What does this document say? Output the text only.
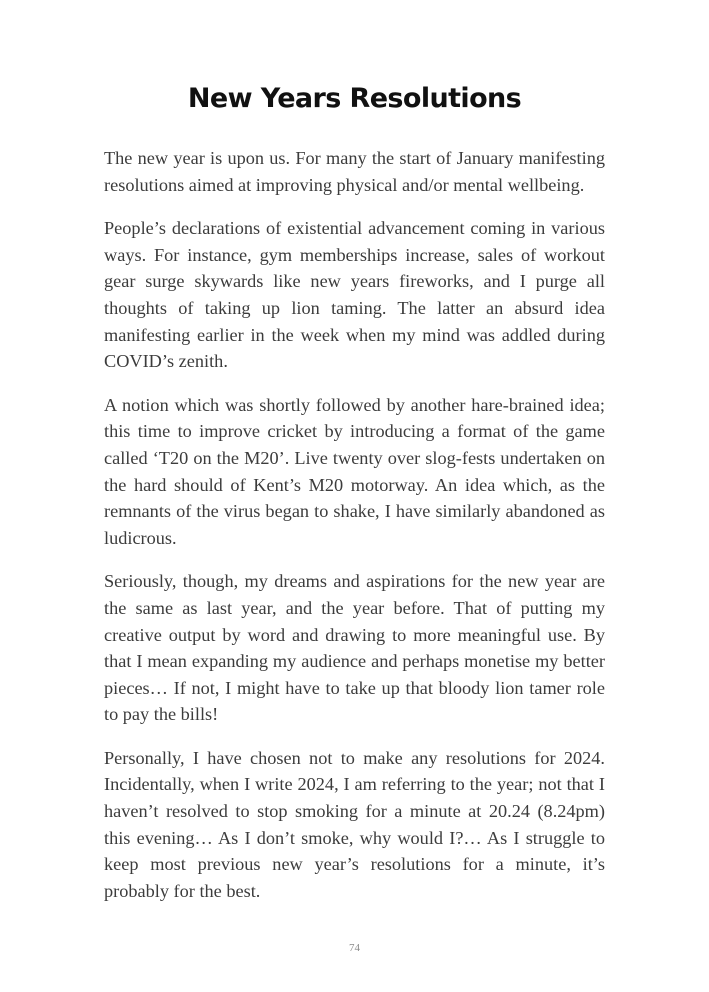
New Years Resolutions

The new year is upon us. For many the start of January manifesting resolutions aimed at improving physical and/or mental wellbeing.

People’s declarations of existential advancement coming in various ways. For instance, gym memberships increase, sales of workout gear surge skywards like new years fireworks, and I purge all thoughts of taking up lion taming. The latter an absurd idea manifesting earlier in the week when my mind was addled during COVID’s zenith.

A notion which was shortly followed by another hare-brained idea; this time to improve cricket by introducing a format of the game called ‘T20 on the M20’. Live twenty over slog-fests undertaken on the hard should of Kent’s M20 motorway. An idea which, as the remnants of the virus began to shake, I have similarly abandoned as ludicrous.

Seriously, though, my dreams and aspirations for the new year are the same as last year, and the year before. That of putting my creative output by word and drawing to more meaningful use. By that I mean expanding my audience and perhaps monetise my better pieces… If not, I might have to take up that bloody lion tamer role to pay the bills!

Personally, I have chosen not to make any resolutions for 2024. Incidentally, when I write 2024, I am referring to the year; not that I haven’t resolved to stop smoking for a minute at 20.24 (8.24pm) this evening… As I don’t smoke, why would I?… As I struggle to keep most previous new year’s resolutions for a minute, it’s probably for the best.

74
